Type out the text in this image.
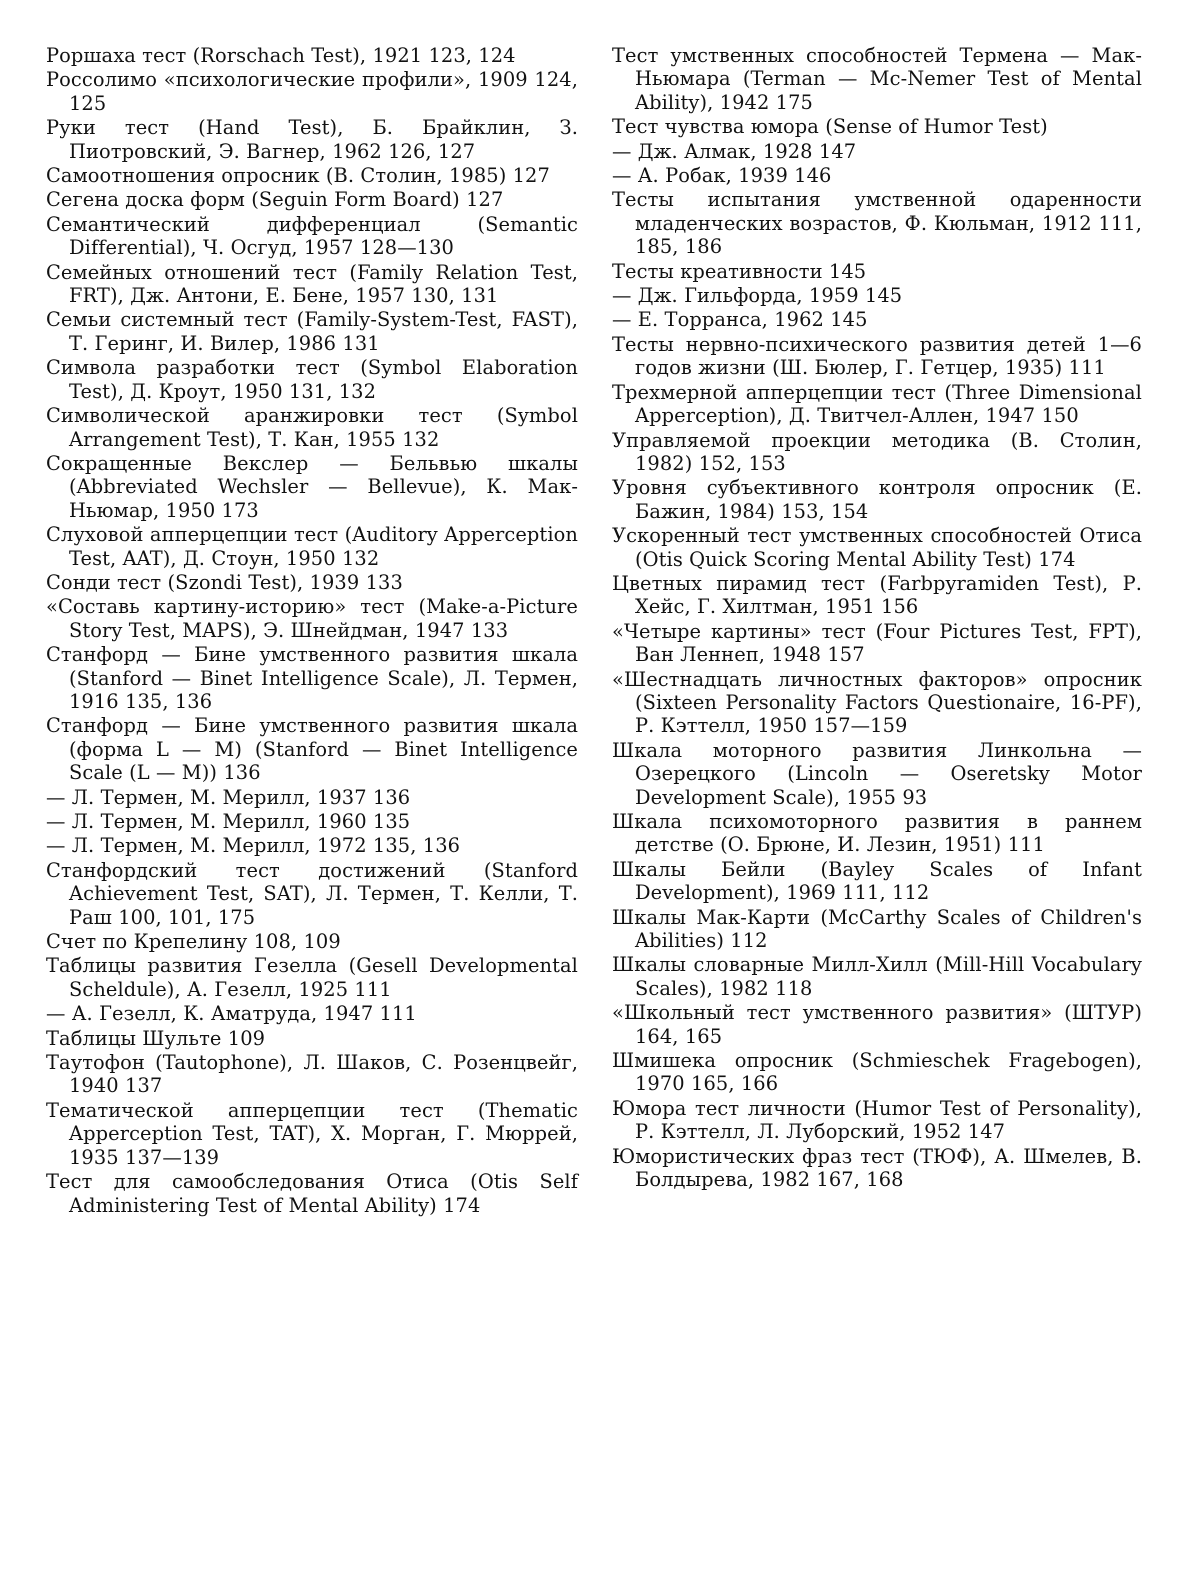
Роршаха тест (Rorschach Test), 1921 123, 124

Россолимо «психологические профили», 1909 124, 125

Руки тест (Hand Test), Б. Брайклин, З. Пиотровский, Э. Вагнер, 1962 126, 127

Самоотношения опросник (В. Столин, 1985) 127

Сегена доска форм (Seguin Form Board) 127

Семантический дифференциал (Semantic Differential), Ч. Осгуд, 1957 128—130

Семейных отношений тест (Family Relation Test, FRT), Дж. Антони, Е. Бене, 1957 130, 131

Семьи системный тест (Family-System-Test, FAST), Т. Геринг, И. Вилер, 1986 131

Символа разработки тест (Symbol Elaboration Test), Д. Кроут, 1950 131, 132

Символической аранжировки тест (Symbol Arrangement Test), Т. Кан, 1955 132

Сокращенные Векслер — Бельвью шкалы (Abbreviated Wechsler — Bellevue), К. Мак-Ньюмар, 1950 173

Слуховой апперцепции тест (Auditory Apperception Test, AAT), Д. Стоун, 1950 132

Сонди тест (Szondi Test), 1939 133

«Составь картину-историю» тест (Make-a-Picture Story Test, MAPS), Э. Шнейдман, 1947 133

Станфорд — Бине умственного развития шкала (Stanford — Binet Intelligence Scale), Л. Термен, 1916 135, 136

Станфорд — Бине умственного развития шкала (форма L — M) (Stanford — Binet Intelligence Scale (L — M)) 136

— Л. Термен, М. Мерилл, 1937 136

— Л. Термен, М. Мерилл, 1960 135

— Л. Термен, М. Мерилл, 1972 135, 136

Станфордский тест достижений (Stanford Achievement Test, SAT), Л. Термен, Т. Келли, Т. Раш 100, 101, 175

Счет по Крепелину 108, 109

Таблицы развития Гезелла (Gesell Developmental Scheldule), А. Гезелл, 1925 111

— А. Гезелл, К. Аматруда, 1947 111

Таблицы Шульте 109

Таутофон (Tautophone), Л. Шаков, С. Розенцвейг, 1940 137

Тематической апперцепции тест (Thematic Apperception Test, TAT), Х. Морган, Г. Мюррей, 1935 137—139

Тест для самообследования Отиса (Otis Self Administering Test of Mental Ability) 174

Тест умственных способностей Термена — Мак-Ньюмара (Terman — Mc-Nemer Test of Mental Ability), 1942 175

Тест чувства юмора (Sense of Humor Test)

— Дж. Алмак, 1928 147

— А. Робак, 1939 146

Тесты испытания умственной одаренности младенческих возрастов, Ф. Кюльман, 1912 111, 185, 186

Тесты креативности 145

— Дж. Гильфорда, 1959 145

— Е. Торранса, 1962 145

Тесты нервно-психического развития детей 1—6 годов жизни (Ш. Бюлер, Г. Гетцер, 1935) 111

Трехмерной апперцепции тест (Three Dimensional Apperception), Д. Твитчел-Аллен, 1947 150

Управляемой проекции методика (В. Столин, 1982) 152, 153

Уровня субъективного контроля опросник (Е. Бажин, 1984) 153, 154

Ускоренный тест умственных способностей Отиса (Otis Quick Scoring Mental Ability Test) 174

Цветных пирамид тест (Farbpyramiden Test), Р. Хейс, Г. Хилтман, 1951 156

«Четыре картины» тест (Four Pictures Test, FPT), Ван Леннеп, 1948 157

«Шестнадцать личностных факторов» опросник (Sixteen Personality Factors Questionaire, 16-PF), Р. Кэттелл, 1950 157—159

Шкала моторного развития Линкольна — Озерецкого (Lincoln — Oseretsky Motor Development Scale), 1955 93

Шкала психомоторного развития в раннем детстве (О. Брюне, И. Лезин, 1951) 111

Шкалы Бейли (Bayley Scales of Infant Development), 1969 111, 112

Шкалы Мак-Карти (McCarthy Scales of Children's Abilities) 112

Шкалы словарные Милл-Хилл (Mill-Hill Vocabulary Scales), 1982 118

«Школьный тест умственного развития» (ШТУР) 164, 165

Шмишека опросник (Schmieschek Fragebogen), 1970 165, 166

Юмора тест личности (Humor Test of Personality), Р. Кэттелл, Л. Луборский, 1952 147

Юмористических фраз тест (ТЮФ), А. Шмелев, В. Болдырева, 1982 167, 168
